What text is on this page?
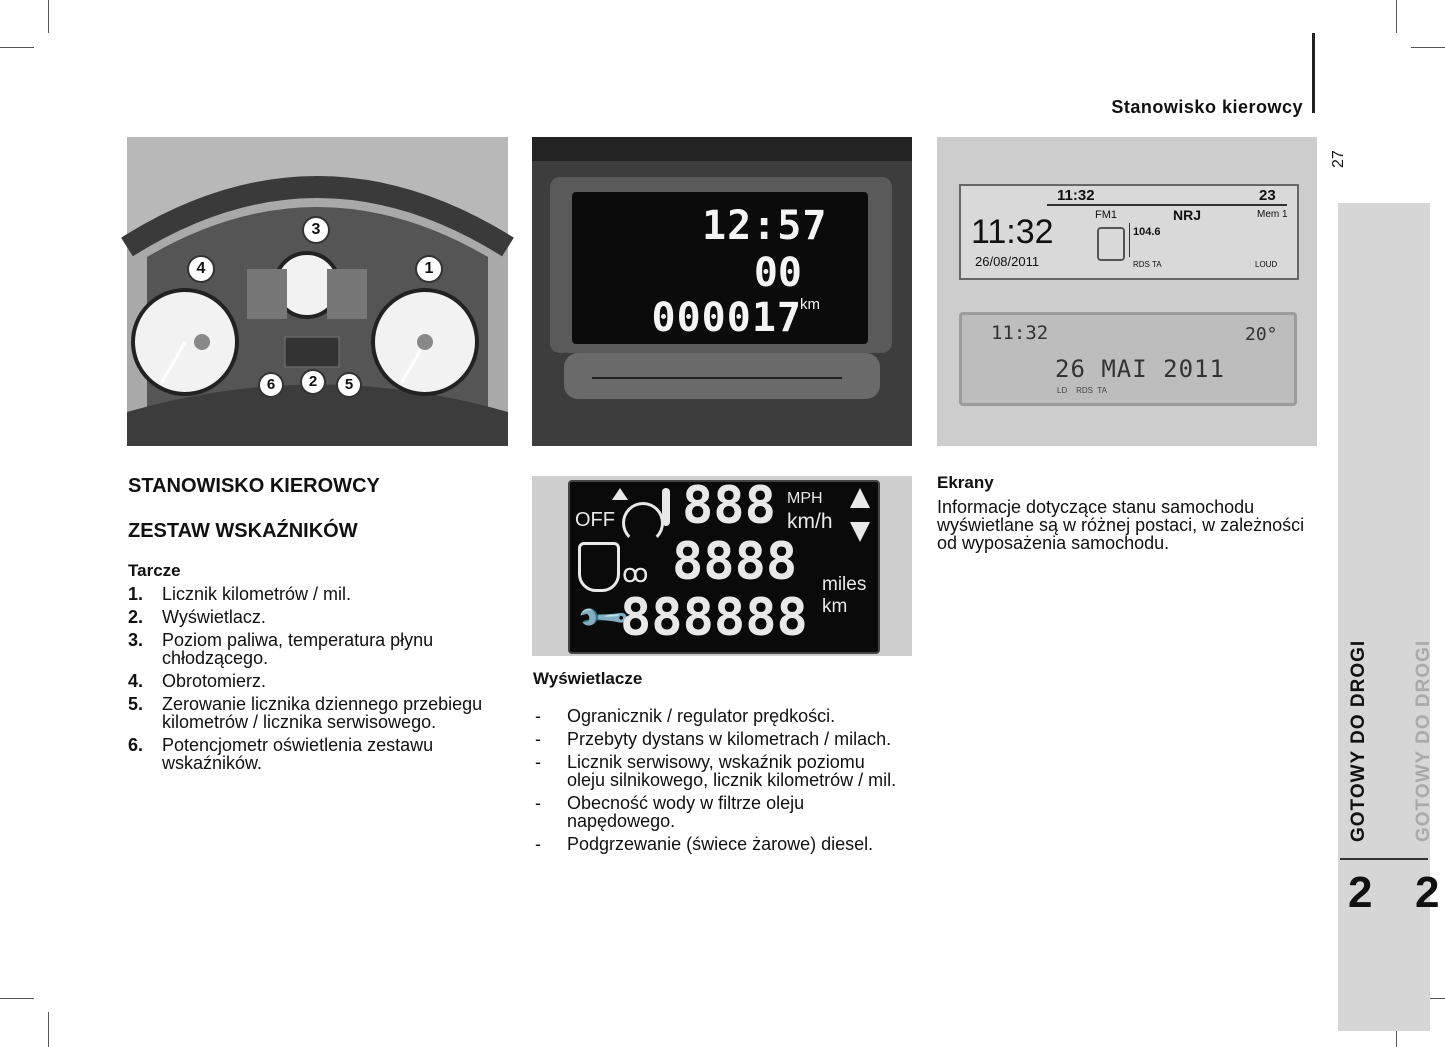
Stanowisko kierowcy
27
GOTOWY DO DROGI GOTOWY DO DROGI
2 2
3
4	1
6	2	5
12:57
00
000017
km
11:32	23
FM1	NRJ	Mem 1
11:32	104.6
26/08/2011	RDS TA	LOUD
11:32	20°
26 MAI 2011
LD    RDS  TA
OFF 888 MPH
km/h
ꝏ 8888 miles
km
🔧
888888
STANOWISKO KIEROWCY
ZESTAW WSKAŹNIKÓW
Tarcze
1. Licznik kilometrów / mil.
2. Wyświetlacz.
3. Poziom paliwa, temperatura płynu chłodzącego.
4. Obrotomierz.
5. Zerowanie licznika dziennego przebiegu kilometrów / licznika serwisowego.
6. Potencjometr oświetlenia zestawu wskaźników.
Wyświetlacze
- Ogranicznik / regulator prędkości.
- Przebyty dystans w kilometrach / milach.
- Licznik serwisowy, wskaźnik poziomu oleju silnikowego, licznik kilometrów / mil.
- Obecność wody w filtrze oleju napędowego.
- Podgrzewanie (świece żarowe) diesel.
Ekrany
Informacje dotyczące stanu samochodu wyświetlane są w różnej postaci, w zależności od wyposażenia samochodu.
